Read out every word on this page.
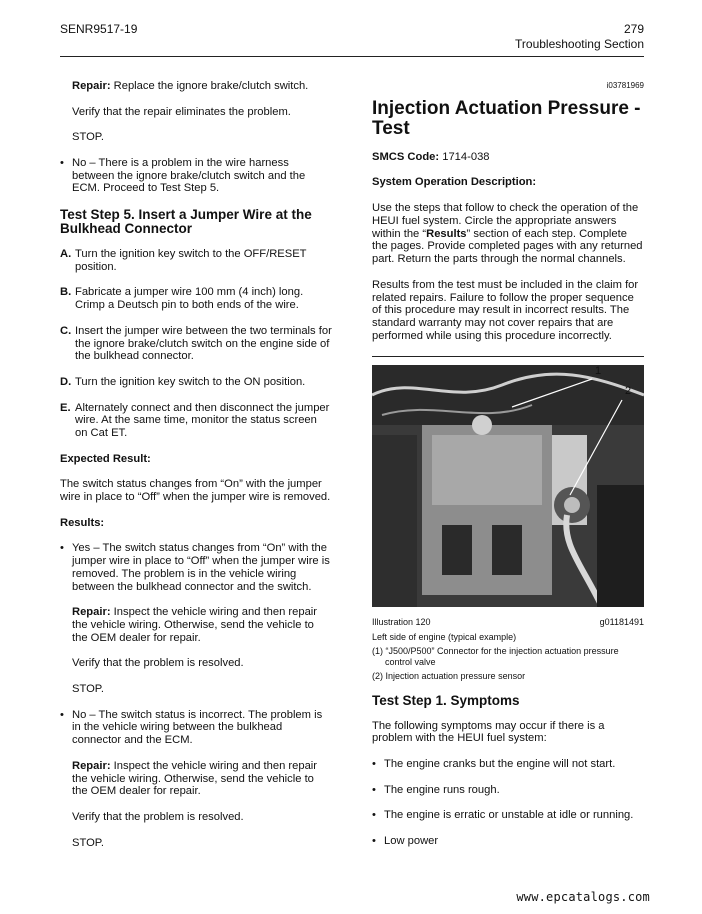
SENR9517-19	279
Troubleshooting Section

Repair: Replace the ignore brake/clutch switch.

Verify that the repair eliminates the problem.

STOP.

• No – There is a problem in the wire harness between the ignore brake/clutch switch and the ECM. Proceed to Test Step 5.
Test Step 5. Insert a Jumper Wire at the Bulkhead Connector
A. Turn the ignition key switch to the OFF/RESET position.
B. Fabricate a jumper wire 100 mm (4 inch) long. Crimp a Deutsch pin to both ends of the wire.
C. Insert the jumper wire between the two terminals for the ignore brake/clutch switch on the engine side of the bulkhead connector.
D. Turn the ignition key switch to the ON position.
E. Alternately connect and then disconnect the jumper wire. At the same time, monitor the status screen on Cat ET.

Expected Result:

The switch status changes from “On” with the jumper wire in place to “Off” when the jumper wire is removed.

Results:

• Yes – The switch status changes from “On” with the jumper wire in place to “Off” when the jumper wire is removed. The problem is in the vehicle wiring between the bulkhead connector and the switch.

Repair: Inspect the vehicle wiring and then repair the vehicle wiring. Otherwise, send the vehicle to the OEM dealer for repair.

Verify that the problem is resolved.

STOP.

• No – The switch status is incorrect. The problem is in the vehicle wiring between the bulkhead connector and the ECM.

Repair: Inspect the vehicle wiring and then repair the vehicle wiring. Otherwise, send the vehicle to the OEM dealer for repair.

Verify that the problem is resolved.

STOP.

i03781969
Injection Actuation Pressure - Test

SMCS Code: 1714-038

System Operation Description:

Use the steps that follow to check the operation of the HEUI fuel system. Circle the appropriate answers within the “Results” section of each step. Complete the pages. Provide completed pages with any returned part. Return the parts through the normal channels.

Results from the test must be included in the claim for related repairs. Failure to follow the proper sequence of this procedure may result in incorrect results. The standard warranty may not cover repairs that are performed while using this procedure incorrectly.

1
2
Illustration 120	g01181491
Left side of engine (typical example)
(1) “J500/P500” Connector for the injection actuation pressure control valve
(2) Injection actuation pressure sensor
Test Step 1. Symptoms

The following symptoms may occur if there is a problem with the HEUI fuel system:

• The engine cranks but the engine will not start.
• The engine runs rough.
• The engine is erratic or unstable at idle or running.
• Low power
www.epcatalogs.com
